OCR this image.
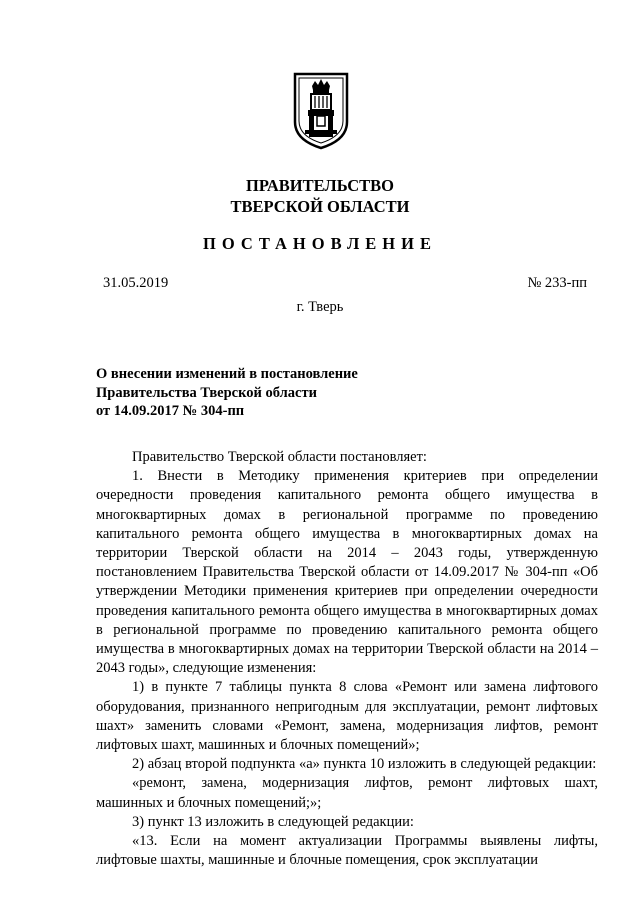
ПРАВИТЕЛЬСТВО
ТВЕРСКОЙ ОБЛАСТИ
ПОСТАНОВЛЕНИЕ
31.05.2019	№ 233-пп
г. Тверь
О внесении изменений в постановление
Правительства Тверской области
от 14.09.2017 № 304-пп

Правительство Тверской области постановляет:

1. Внести в Методику применения критериев при определении очередности проведения капитального ремонта общего имущества в многоквартирных домах в региональной программе по проведению капитального ремонта общего имущества в многоквартирных домах на территории Тверской области на 2014 – 2043 годы, утвержденную постановлением Правительства Тверской области от 14.09.2017 № 304-пп «Об утверждении Методики применения критериев при определении очередности проведения капитального ремонта общего имущества в многоквартирных домах в региональной программе по проведению капитального ремонта общего имущества в многоквартирных домах на территории Тверской области на 2014 – 2043 годы», следующие изменения:

1) в пункте 7 таблицы пункта 8 слова «Ремонт или замена лифтового оборудования, признанного непригодным для эксплуатации, ремонт лифтовых шахт» заменить словами «Ремонт, замена, модернизация лифтов, ремонт лифтовых шахт, машинных и блочных помещений»;

2) абзац второй подпункта «а» пункта 10 изложить в следующей редакции:

«ремонт, замена, модернизация лифтов, ремонт лифтовых шахт, машинных и блочных помещений;»;

3) пункт 13 изложить в следующей редакции:

«13. Если на момент актуализации Программы выявлены лифты, лифтовые шахты, машинные и блочные помещения, срок эксплуатации
